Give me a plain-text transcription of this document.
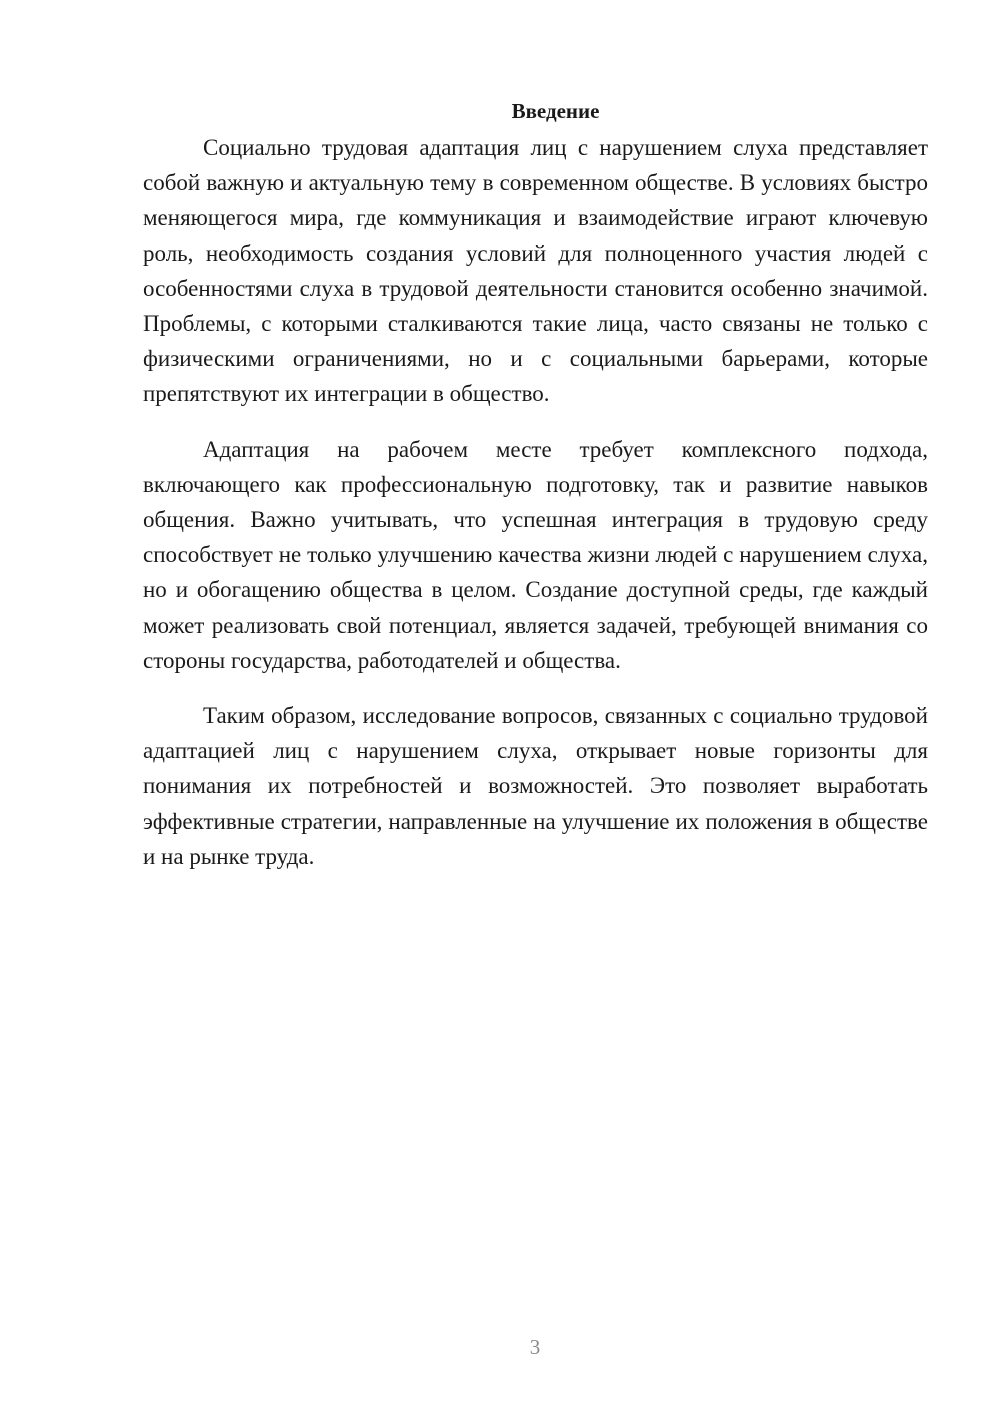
Введение

Социально трудовая адаптация лиц с нарушением слуха представляет собой важную и актуальную тему в современном обществе. В условиях быстро меняющегося мира, где коммуникация и взаимодействие играют ключевую роль, необходимость создания условий для полноценного участия людей с особенностями слуха в трудовой деятельности становится особенно значимой. Проблемы, с которыми сталкиваются такие лица, часто связаны не только с физическими ограничениями, но и с социальными барьерами, которые препятствуют их интеграции в общество.

Адаптация на рабочем месте требует комплексного подхода, включающего как профессиональную подготовку, так и развитие навыков общения. Важно учитывать, что успешная интеграция в трудовую среду способствует не только улучшению качества жизни людей с нарушением слуха, но и обогащению общества в целом. Создание доступной среды, где каждый может реализовать свой потенциал, является задачей, требующей внимания со стороны государства, работодателей и общества.

Таким образом, исследование вопросов, связанных с социально трудовой адаптацией лиц с нарушением слуха, открывает новые горизонты для понимания их потребностей и возможностей. Это позволяет выработать эффективные стратегии, направленные на улучшение их положения в обществе и на рынке труда.

3
